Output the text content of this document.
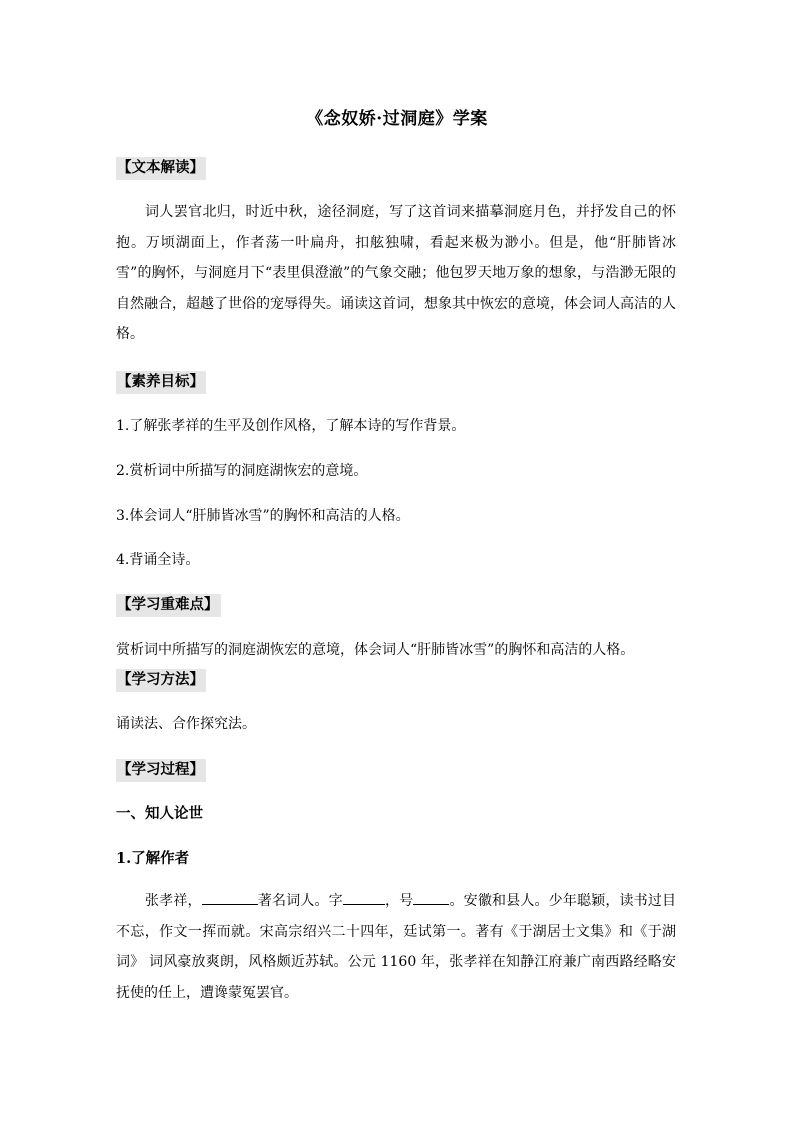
《念奴娇·过洞庭》学案
【文本解读】
词人罢官北归，时近中秋，途径洞庭，写了这首词来描摹洞庭月色，并抒发自己的怀抱。万顷湖面上，作者荡一叶扁舟，扣舷独啸，看起来极为渺小。但是，他“肝肺皆冰雪”的胸怀，与洞庭月下“表里俱澄澈”的气象交融；他包罗天地万象的想象，与浩渺无限的自然融合，超越了世俗的宠辱得失。诵读这首词，想象其中恢宏的意境，体会词人高洁的人格。
【素养目标】
1.了解张孝祥的生平及创作风格，了解本诗的写作背景。
2.赏析词中所描写的洞庭湖恢宏的意境。
3.体会词人“肝肺皆冰雪”的胸怀和高洁的人格。
4.背诵全诗。
【学习重难点】
赏析词中所描写的洞庭湖恢宏的意境，体会词人“肝肺皆冰雪”的胸怀和高洁的人格。
【学习方法】
诵读法、合作探究法。
【学习过程】
一、知人论世
1.了解作者
张孝祥，	著名词人。字	，号	。安徽和县人。少年聪颖，读书过目不忘，作文一挥而就。宋高宗绍兴二十四年，廷试第一。著有《于湖居士文集》和《于湖词》 词风豪放爽朗，风格颇近苏轼。公元 1160 年，张孝祥在知静江府兼广南西路经略安抚使的任上，遭谗蒙冤罢官。
